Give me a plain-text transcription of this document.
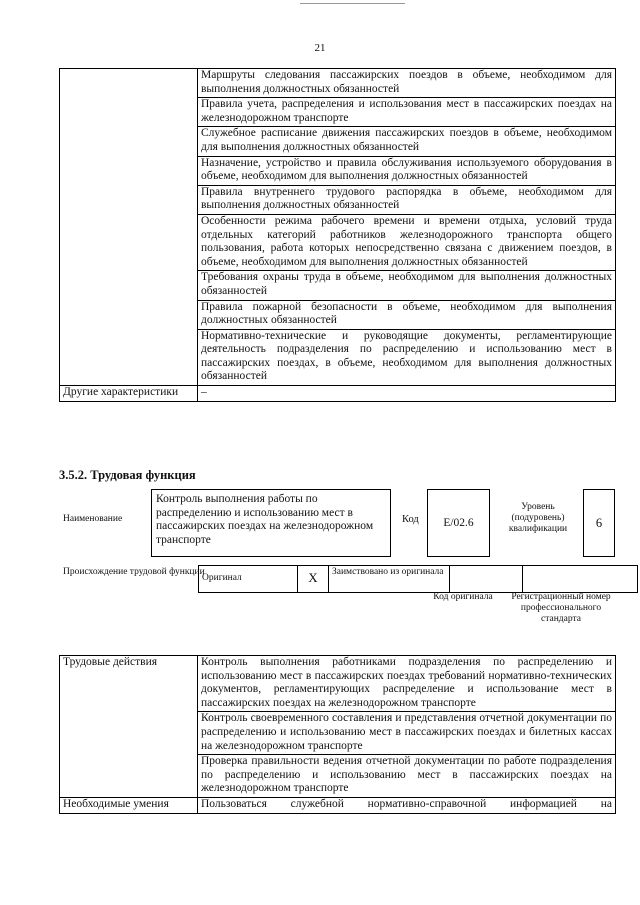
21
	Маршруты следования пассажирских поездов в объеме, необходимом для выполнения должностных обязанностей
	Правила учета, распределения и использования мест в пассажирских поездах на железнодорожном транспорте
	Служебное расписание движения пассажирских поездов в объеме, необходимом для выполнения должностных обязанностей
	Назначение, устройство и правила обслуживания используемого оборудования в объеме, необходимом для выполнения должностных обязанностей
	Правила внутреннего трудового распорядка в объеме, необходимом для выполнения должностных обязанностей
	Особенности режима рабочего времени и времени отдыха, условий труда отдельных категорий работников железнодорожного транспорта общего пользования, работа которых непосредственно связана с движением поездов, в объеме, необходимом для выполнения должностных обязанностей
	Требования охраны труда в объеме, необходимом для выполнения должностных обязанностей
	Правила пожарной безопасности в объеме, необходимом для выполнения должностных обязанностей
	Нормативно-технические и руководящие документы, регламентирующие деятельность подразделения по распределению и использованию мест в пассажирских поездах, в объеме, необходимом для выполнения должностных обязанностей
Другие характеристики	–
3.5.2. Трудовая функция
Наименование
Контроль выполнения работы по распределению и использованию мест в пассажирских поездах на железнодорожном транспорте
Код	E/02.6
Уровень (подуровень) квалификации	6
Происхождение трудовой функции
Оригинал	X	Заимствовано из оригинала		
Код оригинала	Регистрационный номер профессионального стандарта
Трудовые действия	Контроль выполнения работниками подразделения по распределению и использованию мест в пассажирских поездах требований нормативно-технических документов, регламентирующих распределение и использование мест в пассажирских поездах на железнодорожном транспорте
	Контроль своевременного составления и представления отчетной документации по распределению и использованию мест в пассажирских поездах и билетных кассах на железнодорожном транспорте
	Проверка правильности ведения отчетной документации по работе подразделения по распределению и использованию мест в пассажирских поездах на железнодорожном транспорте
Необходимые умения	Пользоваться служебной нормативно-справочной информацией на
